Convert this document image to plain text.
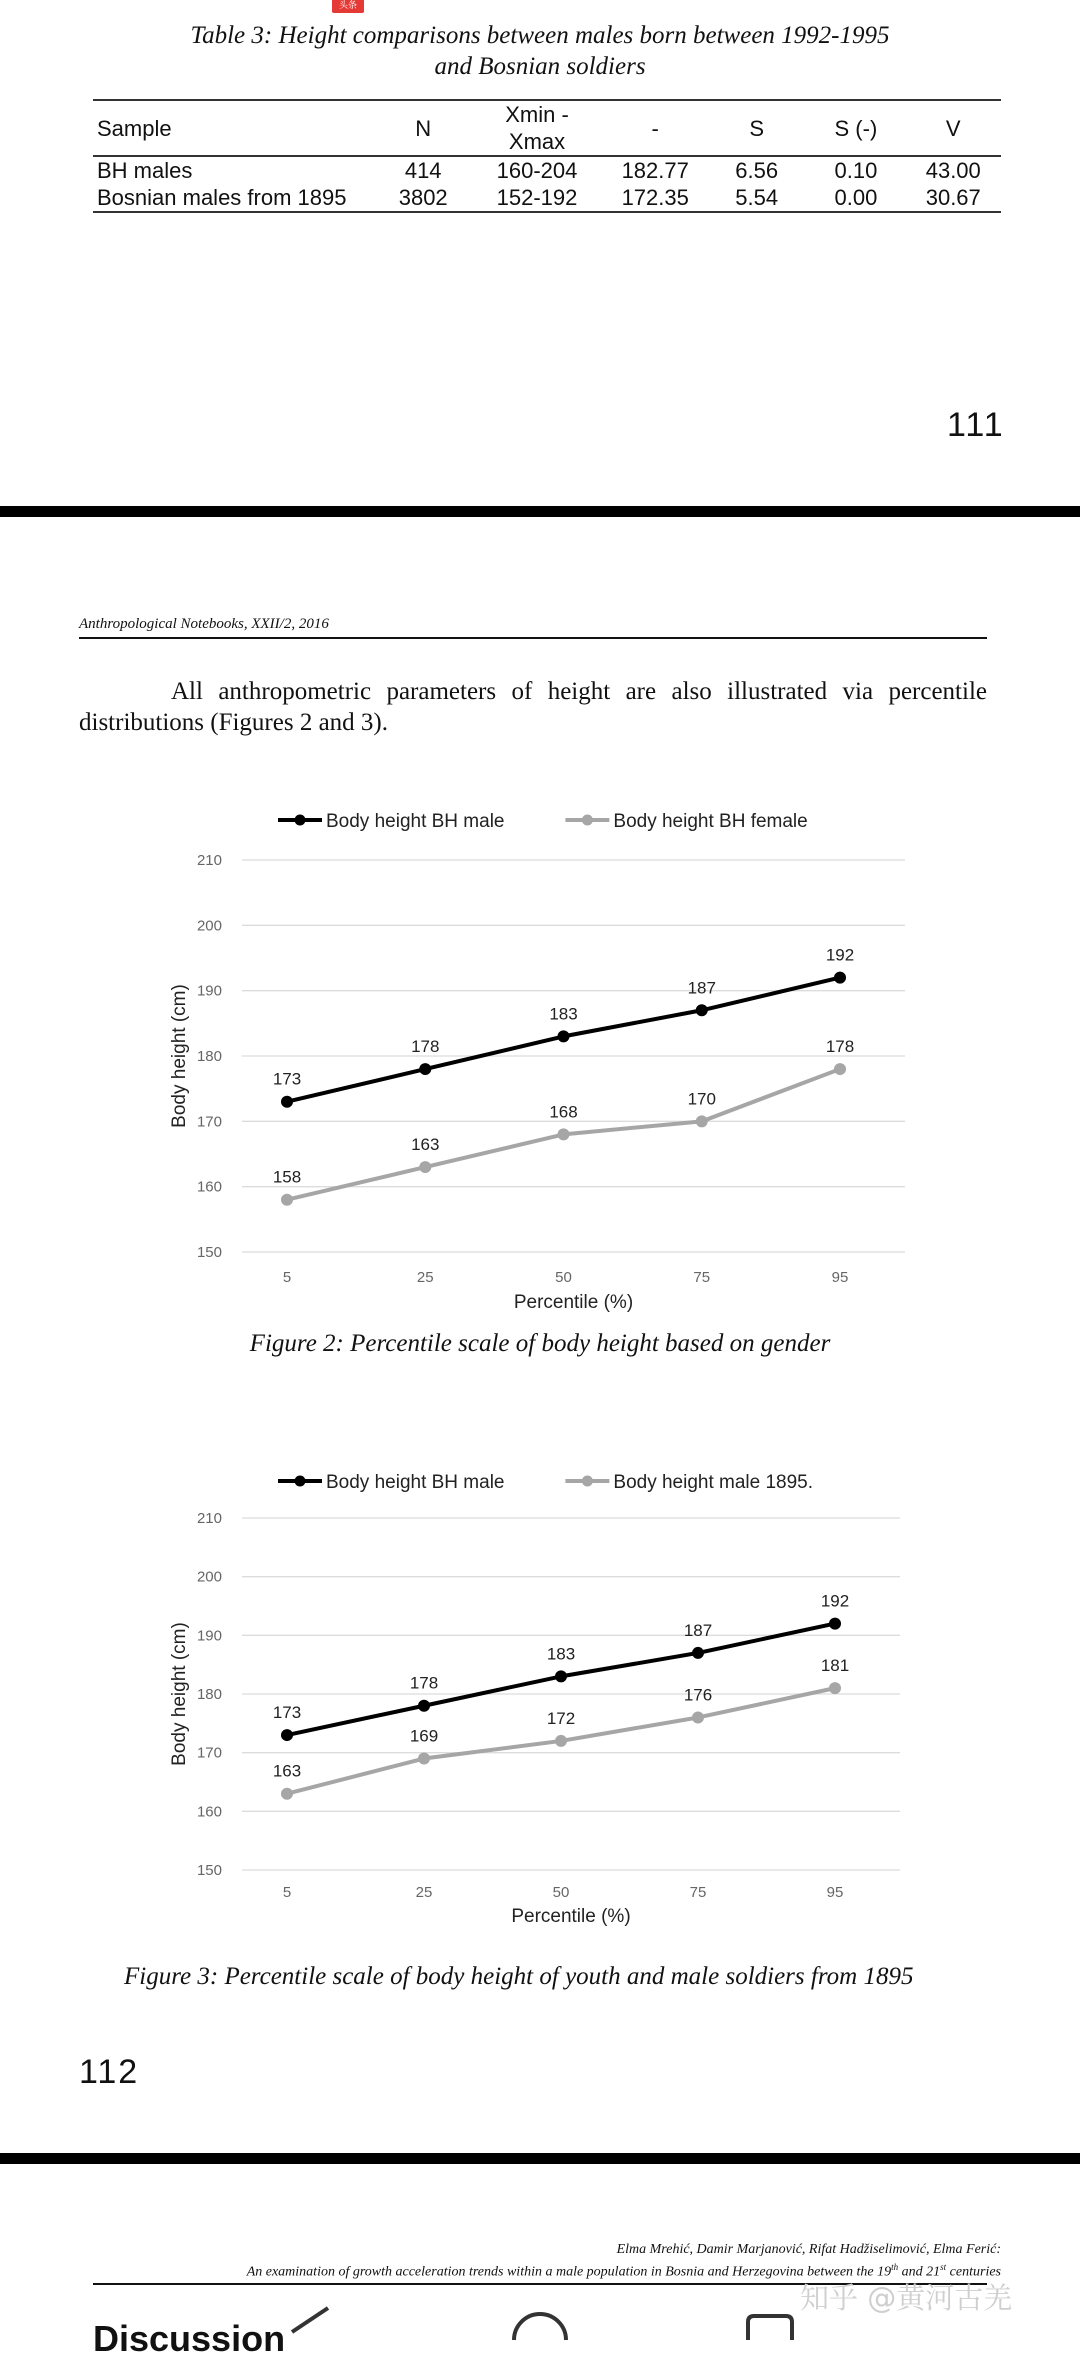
头条
Table 3: Height comparisons between males born between 1992-1995
and Bosnian soldiers
Sample	N	Xmin - Xmax	-	S	S (-)	V
BH males	414	160-204	182.77	6.56	0.10	43.00
Bosnian males from 1895	3802	152-192	172.35	5.54	0.00	30.67
111
Anthropological Notebooks, XXII/2, 2016

All anthropometric parameters of height are also illustrated via percentile distributions (Figures 2 and 3).

150
160
170
180
190
200
210
5	25	50	75	95
Percentile (%)
Body height (cm)
Body height BH male	Body height BH female
173
178
183
187
192
158
163
168
170
178
Figure 2: Percentile scale of body height based on gender
150
160
170
180
190
200
210
5	25	50	75	95
Percentile (%)
Body height (cm)
Body height BH male	Body height male 1895.
173
178
183
187
192
163
169
172
176
181
Figure 3: Percentile scale of body height of youth and male soldiers from 1895
112
Elma Mrehić, Damir Marjanović, Rifat Hadžiselimović, Elma Ferić:
An examination of growth acceleration trends within a male population in Bosnia and Herzegovina between the 19th and 21st centuries
Discussion
知乎 @黄河古羌
